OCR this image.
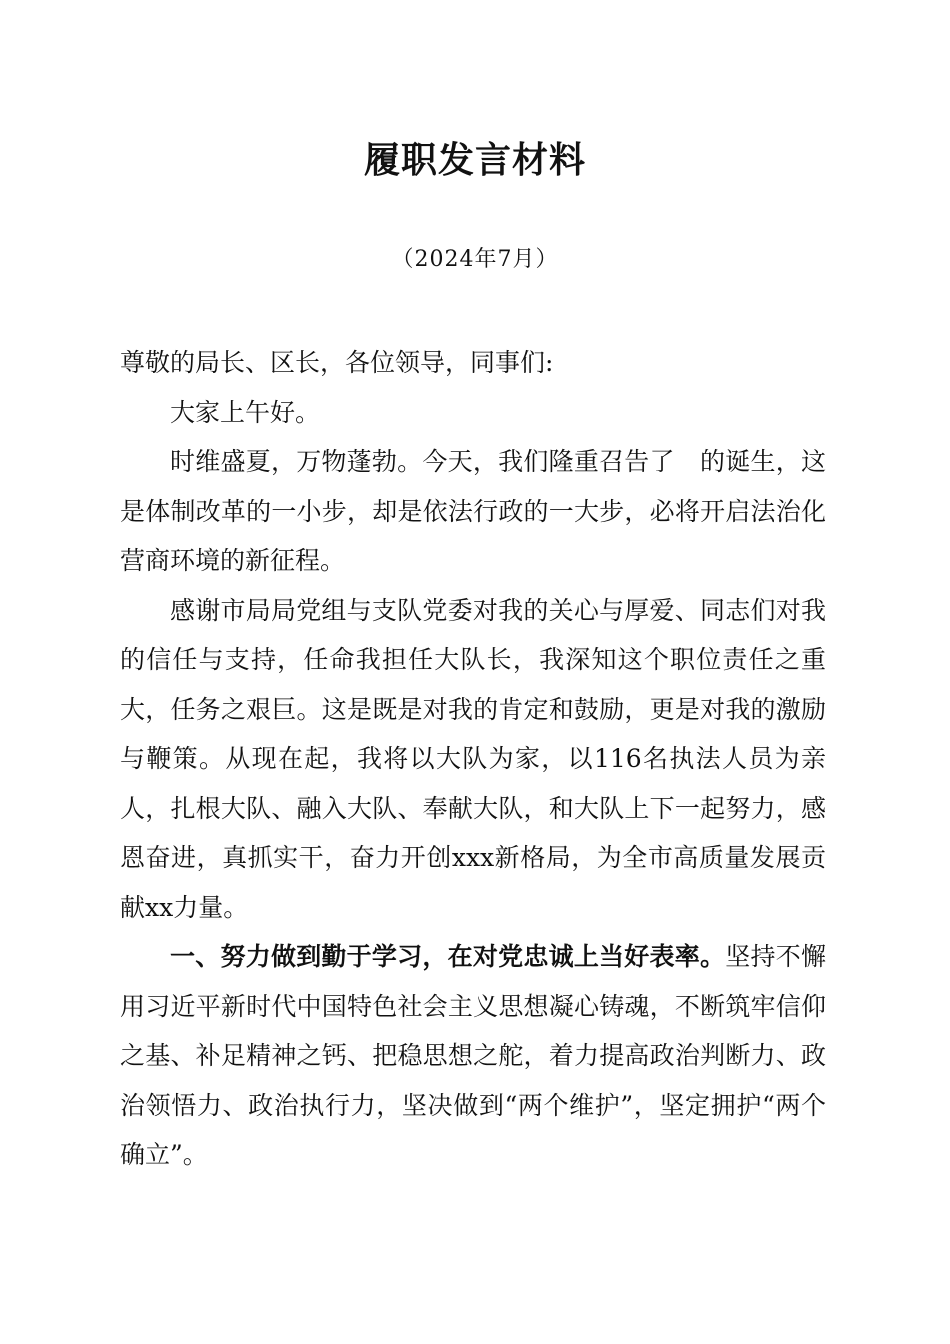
履职发言材料
（2024年7月）

尊敬的局长、区长，各位领导，同事们:

大家上午好。

时维盛夏，万物蓬勃。今天，我们隆重召告了　的诞生，这是体制改革的一小步，却是依法行政的一大步，必将开启法治化营商环境的新征程。

感谢市局局党组与支队党委对我的关心与厚爱、同志们对我的信任与支持，任命我担任大队长，我深知这个职位责任之重大，任务之艰巨。这是既是对我的肯定和鼓励，更是对我的激励与鞭策。从现在起，我将以大队为家，以116名执法人员为亲人，扎根大队、融入大队、奉献大队，和大队上下一起努力，感恩奋进，真抓实干，奋力开创xxx新格局，为全市高质量发展贡献xx力量。

一、努力做到勤于学习，在对党忠诚上当好表率。坚持不懈用习近平新时代中国特色社会主义思想凝心铸魂，不断筑牢信仰之基、补足精神之钙、把稳思想之舵，着力提高政治判断力、政治领悟力、政治执行力，坚决做到“两个维护”，坚定拥护“两个确立”。
